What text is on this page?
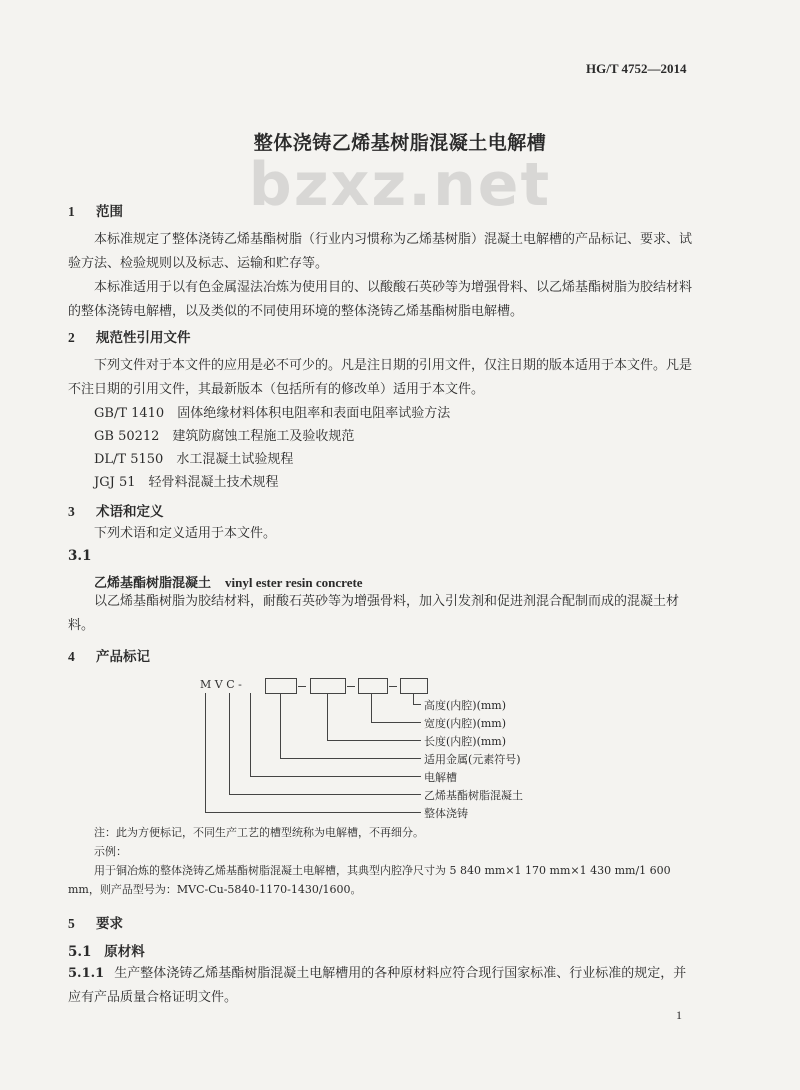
HG/T 4752—2014
整体浇铸乙烯基树脂混凝土电解槽
bzxz.net
1 范围
本标准规定了整体浇铸乙烯基酯树脂（行业内习惯称为乙烯基树脂）混凝土电解槽的产品标记、要求、试验方法、检验规则以及标志、运输和贮存等。
本标准适用于以有色金属湿法冶炼为使用目的、以酸酸石英砂等为增强骨料、以乙烯基酯树脂为胶结材料的整体浇铸电解槽，以及类似的不同使用环境的整体浇铸乙烯基酯树脂电解槽。
2 规范性引用文件
下列文件对于本文件的应用是必不可少的。凡是注日期的引用文件，仅注日期的版本适用于本文件。凡是不注日期的引用文件，其最新版本（包括所有的修改单）适用于本文件。
GB/T 1410　固体绝缘材料体积电阻率和表面电阻率试验方法
GB 50212　建筑防腐蚀工程施工及验收规范
DL/T 5150　水工混凝土试验规程
JGJ 51　轻骨料混凝土技术规程
3 术语和定义
下列术语和定义适用于本文件。
3.1
乙烯基酯树脂混凝土 vinyl ester resin concrete
以乙烯基酯树脂为胶结材料，耐酸石英砂等为增强骨料，加入引发剂和促进剂混合配制而成的混凝土材料。
4 产品标记
M V C -
高度(内腔)(mm)
宽度(内腔)(mm)
长度(内腔)(mm)
适用金属(元素符号)
电解槽
乙烯基酯树脂混凝土
整体浇铸
注：此为方便标记，不同生产工艺的槽型统称为电解槽，不再细分。
示例：
用于铜冶炼的整体浇铸乙烯基酯树脂混凝土电解槽，其典型内腔净尺寸为 5 840 mm×1 170 mm×1 430 mm/1 600 mm，则产品型号为：MVC-Cu-5840-1170-1430/1600。
5 要求
5.1 原材料
5.1.1 生产整体浇铸乙烯基酯树脂混凝土电解槽用的各种原材料应符合现行国家标准、行业标准的规定，并应有产品质量合格证明文件。
1
